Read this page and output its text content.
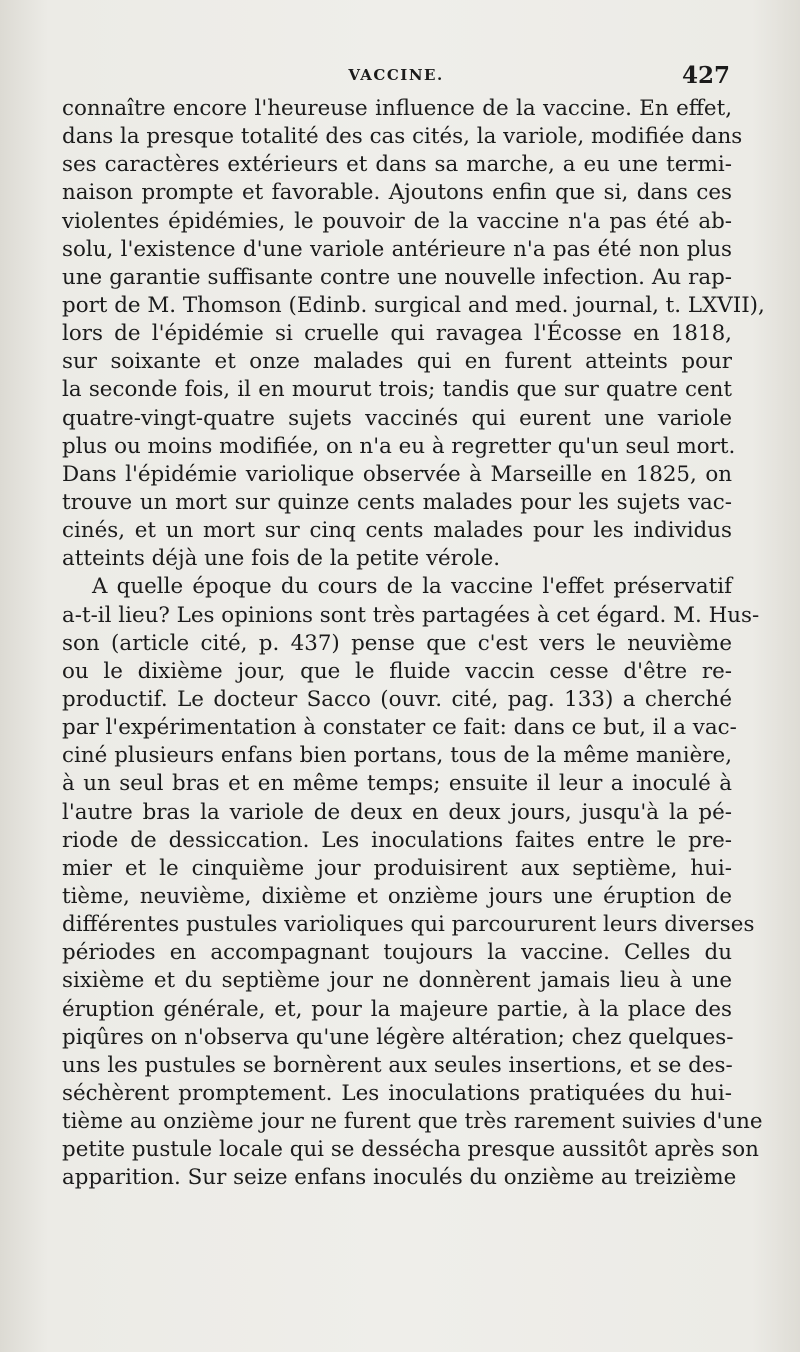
VACCINE.	427
connaître encore l'heureuse influence de la vaccine. En effet,
dans la presque totalité des cas cités, la variole, modifiée dans
ses caractères extérieurs et dans sa marche, a eu une termi-
naison prompte et favorable. Ajoutons enfin que si, dans ces
violentes épidémies, le pouvoir de la vaccine n'a pas été ab-
solu, l'existence d'une variole antérieure n'a pas été non plus
une garantie suffisante contre une nouvelle infection. Au rap-
port de M. Thomson (Edinb. surgical and med. journal, t. LXVII),
lors de l'épidémie si cruelle qui ravagea l'Écosse en 1818,
sur soixante et onze malades qui en furent atteints pour
la seconde fois, il en mourut trois; tandis que sur quatre cent
quatre-vingt-quatre sujets vaccinés qui eurent une variole
plus ou moins modifiée, on n'a eu à regretter qu'un seul mort.
Dans l'épidémie variolique observée à Marseille en 1825, on
trouve un mort sur quinze cents malades pour les sujets vac-
cinés, et un mort sur cinq cents malades pour les individus
atteints déjà une fois de la petite vérole.
A quelle époque du cours de la vaccine l'effet préservatif
a-t-il lieu? Les opinions sont très partagées à cet égard. M. Hus-
son (article cité, p. 437) pense que c'est vers le neuvième
ou le dixième jour, que le fluide vaccin cesse d'être re-
productif. Le docteur Sacco (ouvr. cité, pag. 133) a cherché
par l'expérimentation à constater ce fait: dans ce but, il a vac-
ciné plusieurs enfans bien portans, tous de la même manière,
à un seul bras et en même temps; ensuite il leur a inoculé à
l'autre bras la variole de deux en deux jours, jusqu'à la pé-
riode de dessiccation. Les inoculations faites entre le pre-
mier et le cinquième jour produisirent aux septième, hui-
tième, neuvième, dixième et onzième jours une éruption de
différentes pustules varioliques qui parcoururent leurs diverses
périodes en accompagnant toujours la vaccine. Celles du
sixième et du septième jour ne donnèrent jamais lieu à une
éruption générale, et, pour la majeure partie, à la place des
piqûres on n'observa qu'une légère altération; chez quelques-
uns les pustules se bornèrent aux seules insertions, et se des-
séchèrent promptement. Les inoculations pratiquées du hui-
tième au onzième jour ne furent que très rarement suivies d'une
petite pustule locale qui se desséchа presque aussitôt après son
apparition. Sur seize enfans inoculés du onzième au treizième
